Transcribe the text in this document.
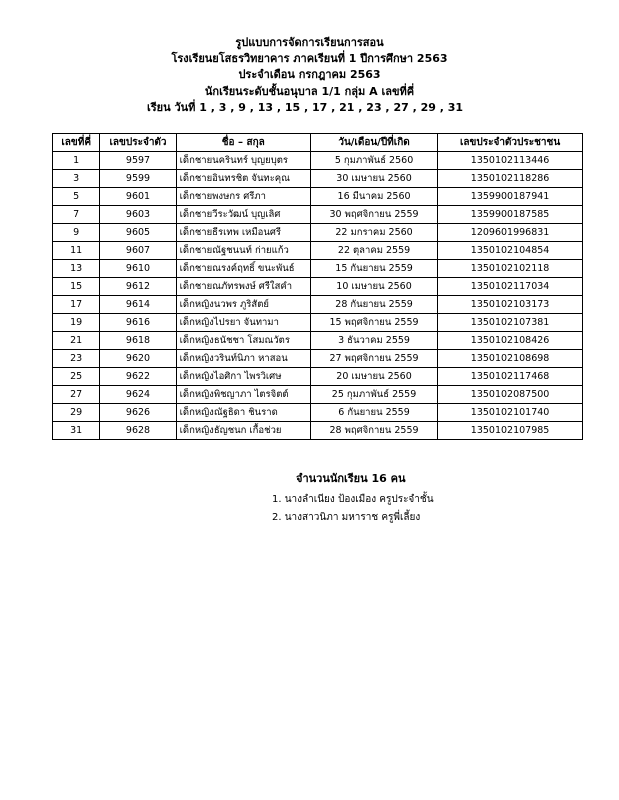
รูปแบบการจัดการเรียนการสอน
โรงเรียนยโสธรวิทยาคาร ภาคเรียนที่ 1 ปีการศึกษา 2563
ประจำเดือน กรกฎาคม 2563
นักเรียนระดับชั้นอนุบาล 1/1 กลุ่ม A เลขที่คี่
เรียน วันที่ 1 , 3 , 9 , 13 , 15 , 17 , 21 , 23 , 27 , 29 , 31
เลขที่คี่	เลขประจำตัว	ชื่อ – สกุล	วัน/เดือน/ปีที่เกิด	เลขประจำตัวประชาชน
1	9597	เด็กชายนครินทร์ บุญยบุตร	5 กุมภาพันธ์ 2560	1350102113446
3	9599	เด็กชายอินทรชิต จันทะคุณ	30 เมษายน 2560	1350102118286
5	9601	เด็กชายพงษกร ศรีภา	16 มีนาคม 2560	1359900187941
7	9603	เด็กชายวีระวัฒน์ บุญเลิศ	30 พฤศจิกายน 2559	1359900187585
9	9605	เด็กชายธีรเทพ เหมือนศรี	22 มกราคม 2560	1209601996831
11	9607	เด็กชายณัฐชนนท์ ก่ายแก้ว	22 ตุลาคม 2559	1350102104854
13	9610	เด็กชายณรงค์ฤทธิ์ ขนะพันธ์	15 กันยายน 2559	1350102102118
15	9612	เด็กชายณภัทรพงษ์ ศรีใสคำ	10 เมษายน 2560	1350102117034
17	9614	เด็กหญิงนวพร ภูริสัตย์	28 กันยายน 2559	1350102103173
19	9616	เด็กหญิงไปรยา จันทามา	15 พฤศจิกายน 2559	1350102107381
21	9618	เด็กหญิงธนัชชา โสมณวัตร	3 ธันวาคม 2559	1350102108426
23	9620	เด็กหญิงวรินท์นิภา หาสอน	27 พฤศจิกายน 2559	1350102108698
25	9622	เด็กหญิงไอศิกา ไพรวิเศษ	20 เมษายน 2560	1350102117468
27	9624	เด็กหญิงพิชญาภา ไตรจิตต์	25 กุมภาพันธ์ 2559	1350102087500
29	9626	เด็กหญิงณัฐธิดา ชินราด	6 กันยายน 2559	1350102101740
31	9628	เด็กหญิงธัญชนก เกื้อช่วย	28 พฤศจิกายน 2559	1350102107985
จำนวนนักเรียน 16 คน
1. นางลำเนียง ป้องเมือง ครูประจำชั้น
2. นางสาวนิภา มหาราช ครูพี่เลี้ยง
